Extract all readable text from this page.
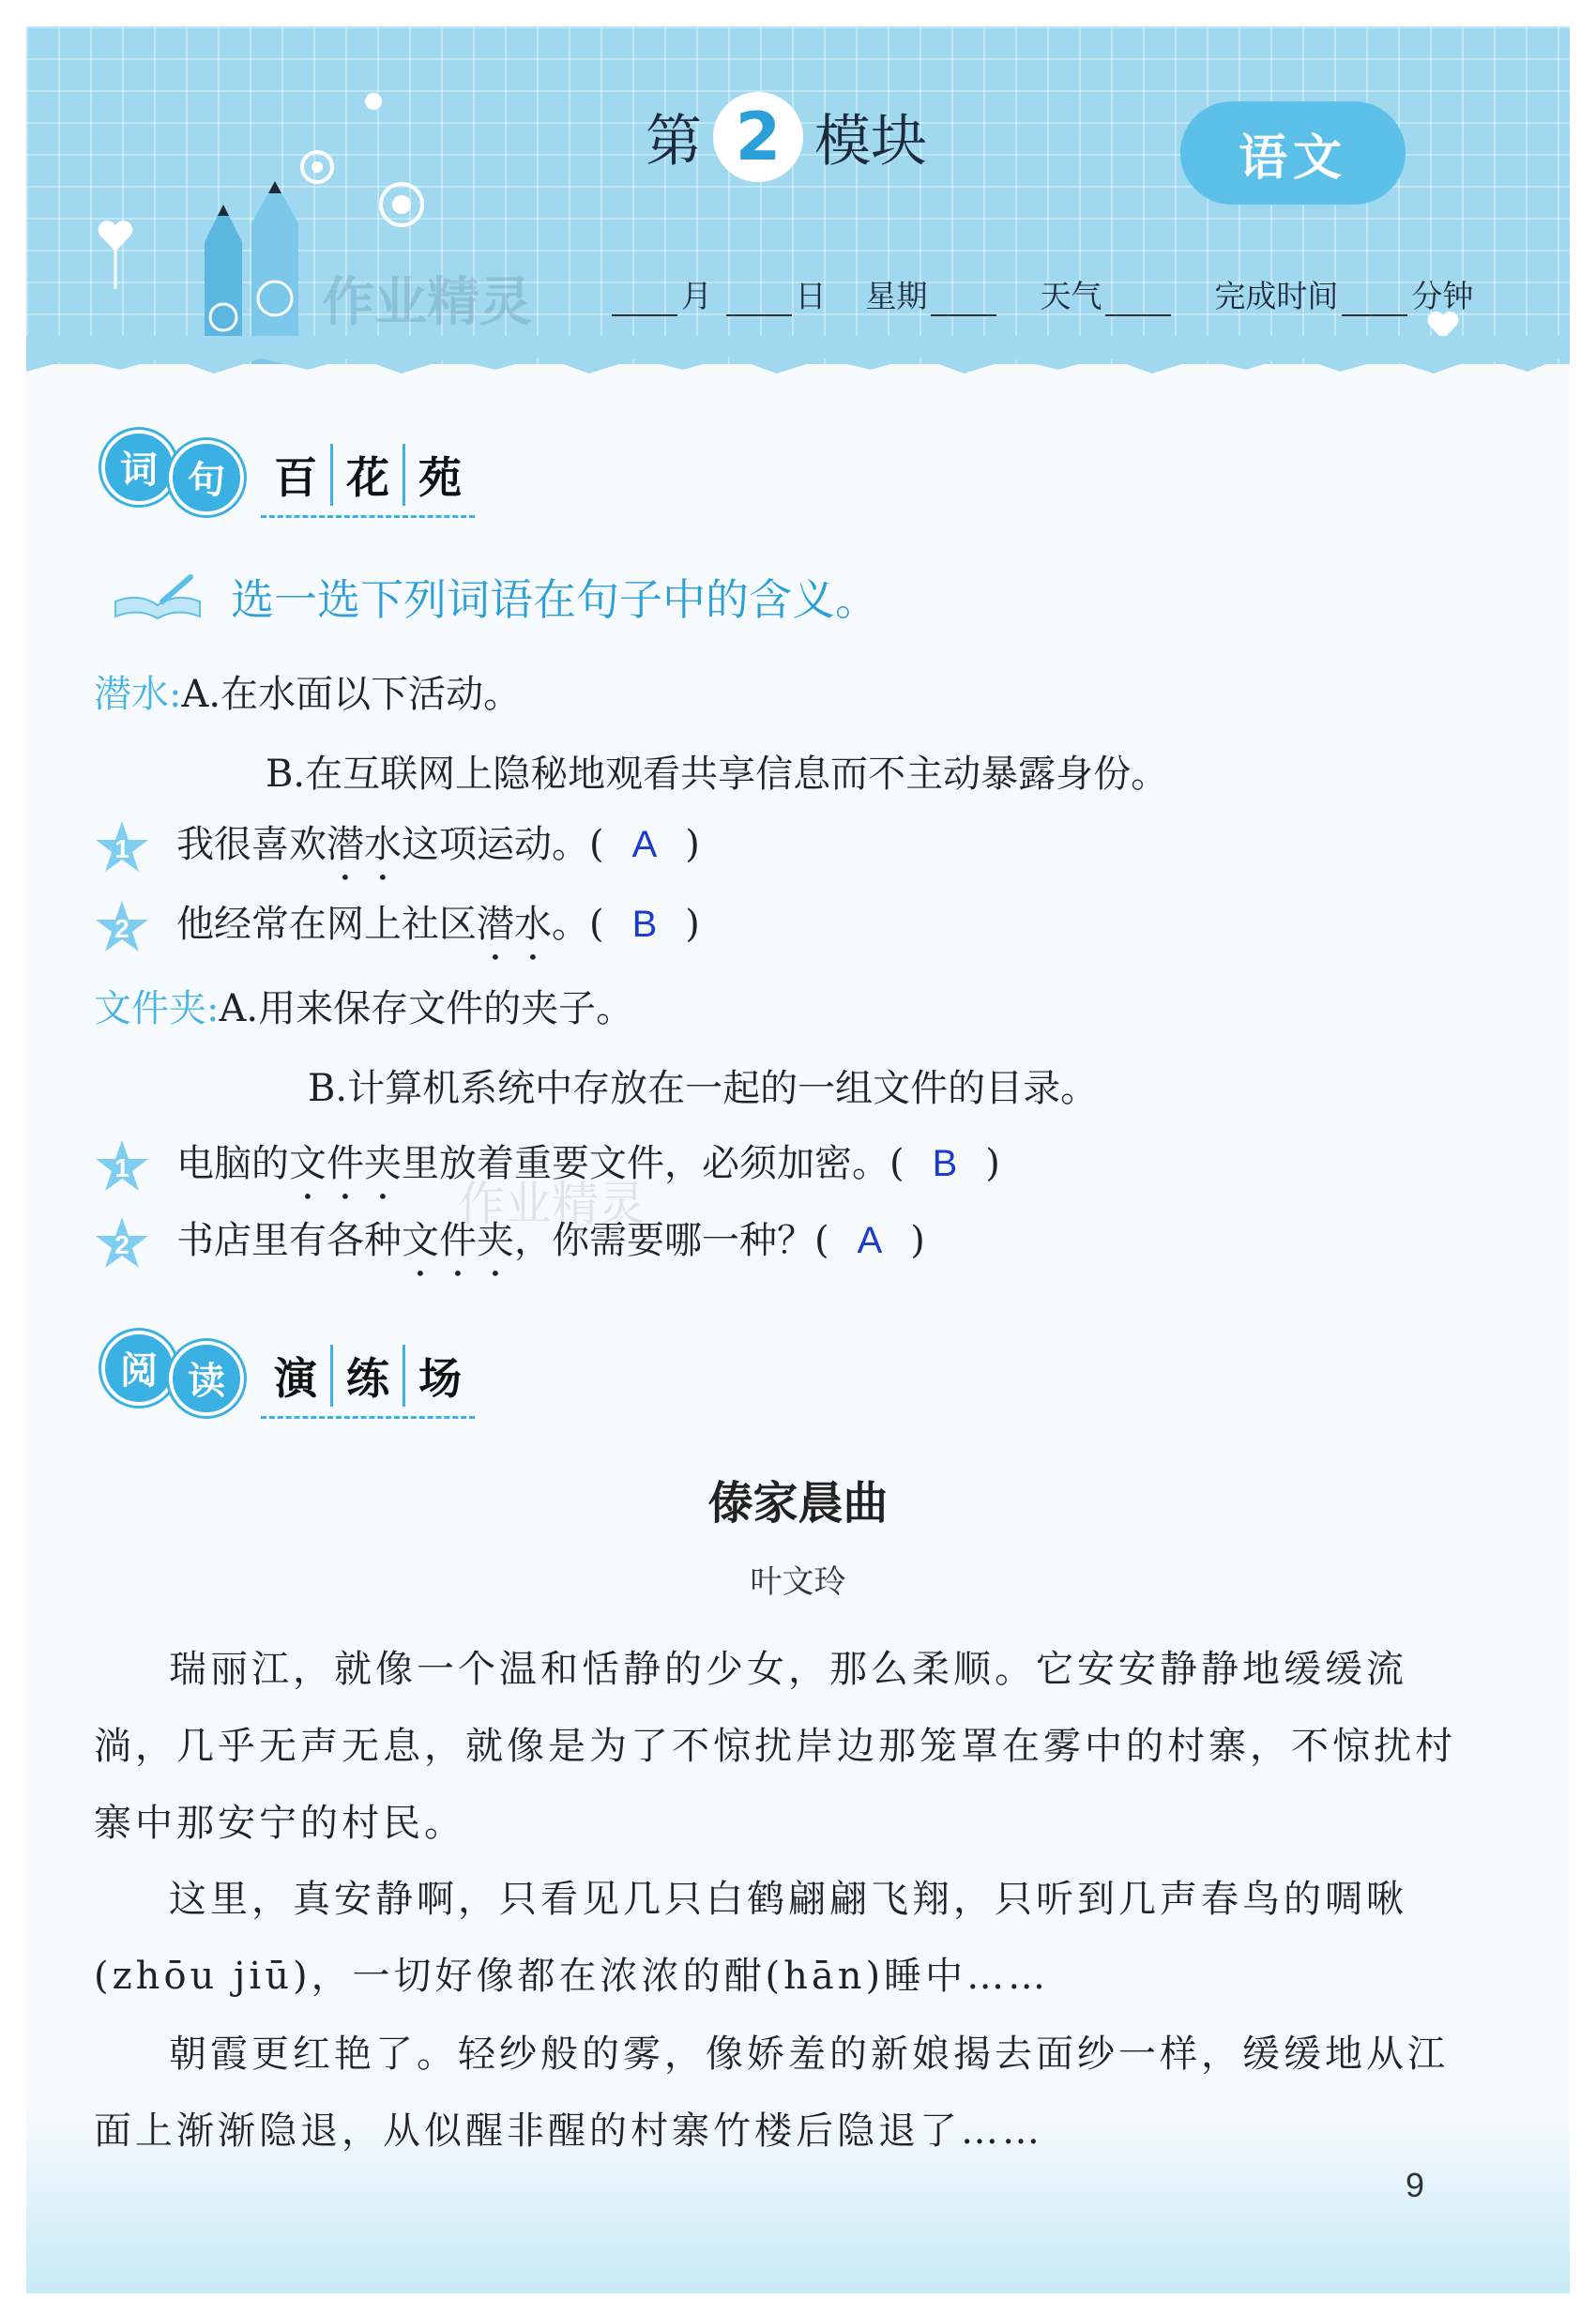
第 2 模块	语文
作业精灵	月	日 星期	天气	完成时间 分钟
词 句	百 花 苑
选一选下列词语在句子中的含义。
潜水:A.在水面以下活动。
B.在互联网上隐秘地观看共享信息而不主动暴露身份。
1 我很喜欢潜水这项运动。( A )
2 他经常在网上社区潜水。( B )
文件夹:A.用来保存文件的夹子。
B.计算机系统中存放在一起的一组文件的目录。
1 电脑的文件夹里放着重要文件，必须加密。( B )
2 书店里有各种文件夹，你需要哪一种？( A )
作业精灵
阅 读	演 练 场
傣家晨曲
叶文玲
瑞丽江，就像一个温和恬静的少女，那么柔顺。它安安静静地缓缓流淌，几乎无声无息，就像是为了不惊扰岸边那笼罩在雾中的村寨，不惊扰村寨中那安宁的村民。
这里，真安静啊，只看见几只白鹤翩翩飞翔，只听到几声春鸟的啁啾(zhōu jiū)，一切好像都在浓浓的酣(hān)睡中……
朝霞更红艳了。轻纱般的雾，像娇羞的新娘揭去面纱一样，缓缓地从江面上渐渐隐退，从似醒非醒的村寨竹楼后隐退了……
9
